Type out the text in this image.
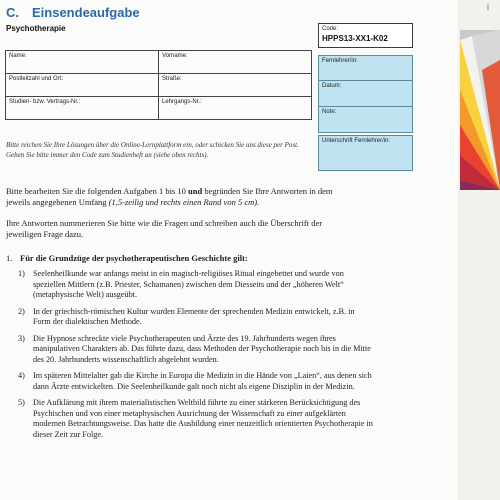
C. Einsendeaufgabe
Psychotherapie
Name:	Vorname:
Postleitzahl und Ort:	Straße:
Studien- bzw. Vertrags-Nr.:	Lehrgangs-Nr.:
Code:
HPPS13-XX1-K02
Fernlehrer/in:
Datum:
Note:
Unterschrift Fernlehrer/in:
Bitte reichen Sie Ihre Lösungen über die Online-Lernplattform ein, oder schicken Sie uns diese per Post. Geben Sie bitte immer den Code zum Studienheft an (siehe oben rechts).

Bitte bearbeiten Sie die folgenden Aufgaben 1 bis 10 und begründen Sie Ihre Antworten in dem jeweils angegebenen Umfang (1,5-zeilig und rechts einen Rand von 5 cm).

Ihre Antworten nummerieren Sie bitte wie die Fragen und schreiben auch die Überschrift der jeweiligen Frage dazu.

1. Für die Grundzüge der psychotherapeutischen Geschichte gilt:
1) Seelenheilkunde war anfangs meist in ein magisch-religiöses Ritual eingebettet und wurde von speziellen Mittlern (z.B. Priester, Schamanen) zwischen dem Diesseits und der „höheren Welt“ (metaphysische Welt) ausgeübt.
2) In der griechisch-römischen Kultur wurden Elemente der sprechenden Medizin entwickelt, z.B. in Form der dialektischen Methode.
3) Die Hypnose schreckte viele Psychotherapeuten und Ärzte des 19. Jahrhunderts wegen ihres manipulativen Charakters ab. Das führte dazu, dass Methoden der Psychotherapie noch bis in die Mitte des 20. Jahrhunderts wissenschaftlich abgelehnt wurden.
4) Im späteren Mittelalter gab die Kirche in Europa die Medizin in die Hände von „Laien“, aus denen sich dann Ärzte entwickelten. Die Seelenheilkunde galt noch nicht als eigene Disziplin in der Medizin.
5) Die Aufklärung mit ihrem materialistischen Weltbild führte zu einer stärkeren Berücksichtigung des Psychischen und von einer metaphysischen Ausrichtung der Wissenschaft zu einer aufgeklärten modernen Betrachtungsweise. Das hatte die Ausbildung einer neuzeitlich orientierten Psychotherapie in dieser Zeit zur Folge.
i
